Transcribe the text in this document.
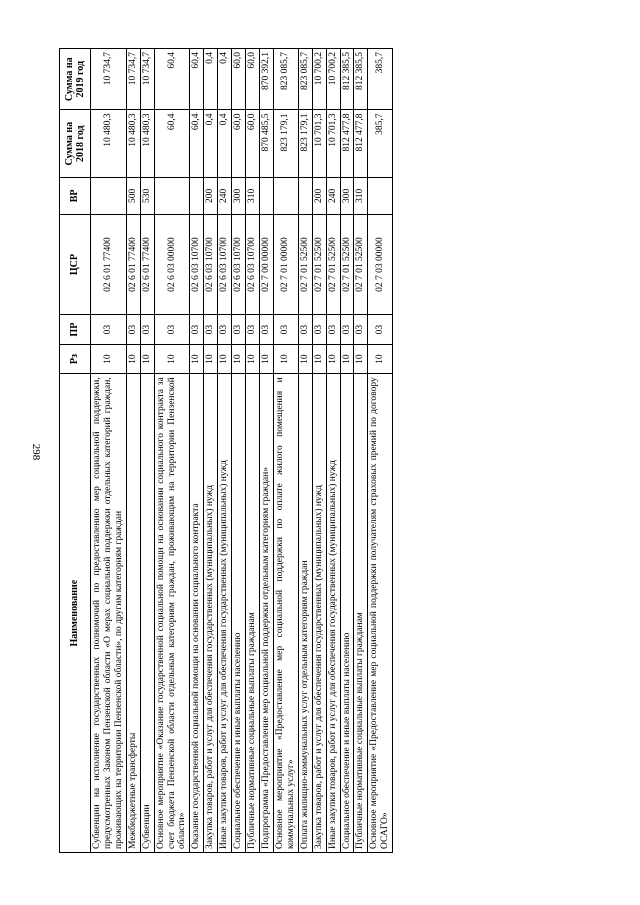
298
Наименование	Рз	ПР	ЦСР	ВР	Сумма на 2018 год	Сумма на 2019 год
Субвенции на исполнение государственных полномочий по предоставлению мер социальной поддержки, предусмотренных Законом Пензенской области «О мерах социальной поддержки отдельных категорий граждан, проживающих на территории Пензенской области», по другим категориям граждан	10	03	02 6 01 77400		10 480,3	10 734,7
Межбюджетные трансферты	10	03	02 6 01 77400	500	10 480,3	10 734,7
Субвенции	10	03	02 6 01 77400	530	10 480,3	10 734,7
Основное мероприятие «Оказание государственной социальной помощи на основании социального контракта за счет бюджета Пензенской области отдельным категориям граждан, проживающим на территории Пензенской области»	10	03	02 6 03 00000		60,4	60,4
Оказание государственной социальной помощи на основании социального контракта	10	03	02 6 03 10700		60,4	60,4
Закупка товаров, работ и услуг для обеспечения государственных (муниципальных) нужд	10	03	02 6 03 10700	200	0,4	0,4
Иные закупки товаров, работ и услуг для обеспечения государственных (муниципальных) нужд	10	03	02 6 03 10700	240	0,4	0,4
Социальное обеспечение и иные выплаты населению	10	03	02 6 03 10700	300	60,0	60,0
Публичные нормативные социальные выплаты гражданам	10	03	02 6 03 10700	310	60,0	60,0
Подпрограмма «Предоставление мер социальной поддержки отдельным категориям граждан»	10	03	02 7 00 00000		870 485,5	870 392,1
Основное мероприятие «Предоставление мер социальной поддержки по оплате жилого помещения и коммунальных услуг»	10	03	02 7 01 00000		823 179,1	823 085,7
Оплата жилищно-коммунальных услуг отдельным категориям граждан	10	03	02 7 01 52500		823 179,1	823 085,7
Закупка товаров, работ и услуг для обеспечения государственных (муниципальных) нужд	10	03	02 7 01 52500	200	10 701,3	10 700,2
Иные закупки товаров, работ и услуг для обеспечения государственных (муниципальных) нужд	10	03	02 7 01 52500	240	10 701,3	10 700,2
Социальное обеспечение и иные выплаты населению	10	03	02 7 01 52500	300	812 477,8	812 385,5
Публичные нормативные социальные выплаты гражданам	10	03	02 7 01 52500	310	812 477,8	812 385,5
Основное мероприятие «Предоставление мер социальной поддержки получателям страховых премий по договору ОСАГО»	10	03	02 7 03 00000		385,7	385,7
